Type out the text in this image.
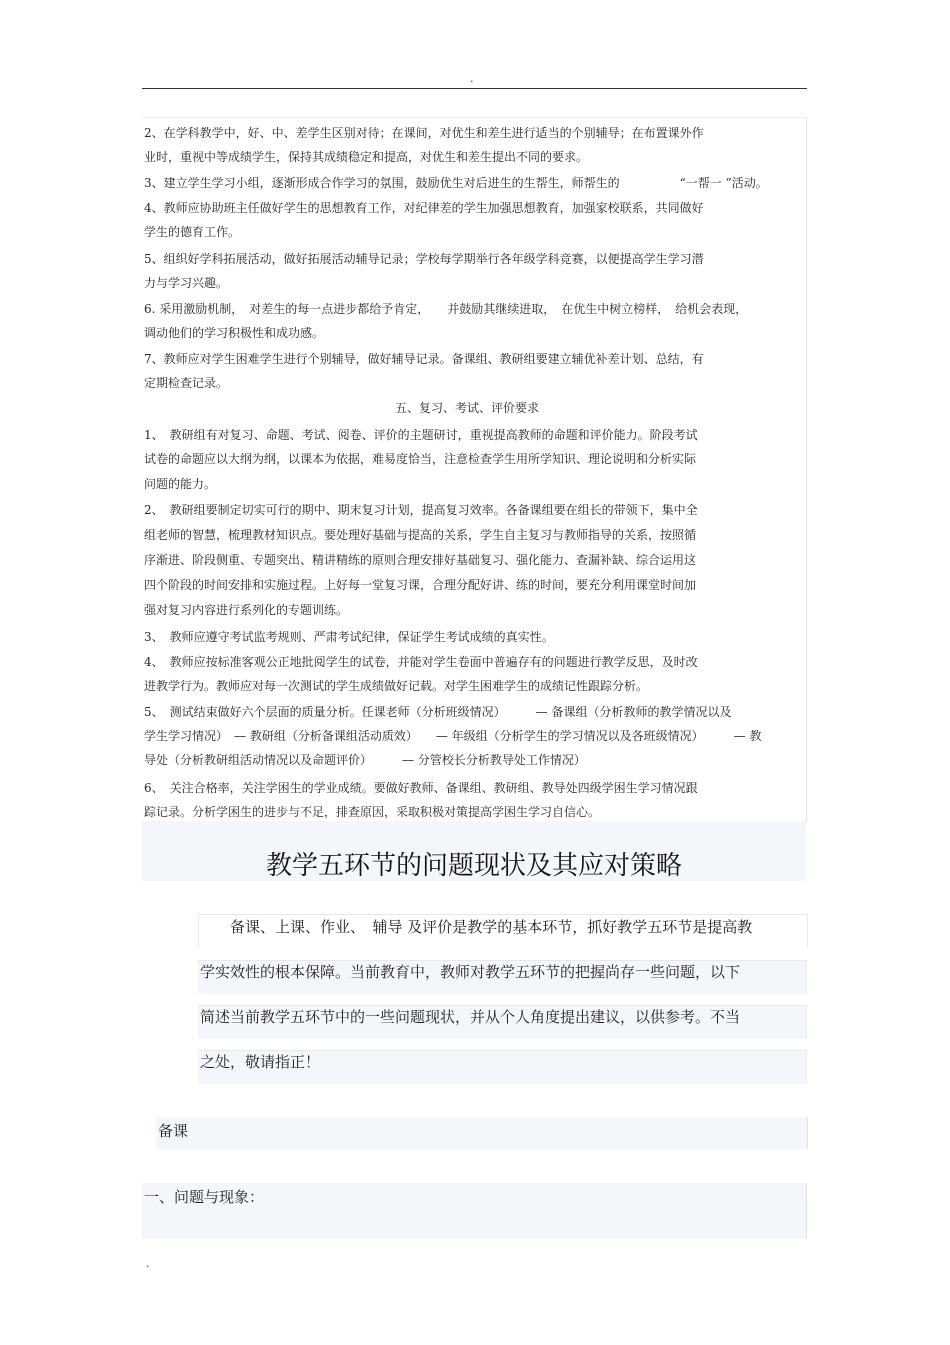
.
2、在学科教学中，好、中、差学生区别对待；在课间，对优生和差生进行适当的个别辅导；在布置课外作
业时，重视中等成绩学生，保持其成绩稳定和提高，对优生和差生提出不同的要求。
3、建立学生学习小组，逐渐形成合作学习的氛围，鼓励优生对后进生的生帮生，师帮生的　　　　　“一帮一 ”活动。
4、教师应协助班主任做好学生的思想教育工作，对纪律差的学生加强思想教育，加强家校联系，共同做好
学生的德育工作。
5、组织好学科拓展活动，做好拓展活动辅导记录；学校每学期举行各年级学科竞赛，以便提高学生学习潜
力与学习兴趣。
6. 采用激励机制，　对差生的每一点进步都给予肯定，　　并鼓励其继续进取，　在优生中树立榜样，　给机会表现，
调动他们的学习积极性和成功感。
7、教师应对学生困难学生进行个别辅导，做好辅导记录。备课组、教研组要建立辅优补差计划、总结，有
定期检查记录。
五、复习、考试、评价要求
1、　教研组有对复习、命题、考试、阅卷、评价的主题研讨，重视提高教师的命题和评价能力。阶段考试
试卷的命题应以大纲为纲，以课本为依据，难易度恰当，注意检查学生用所学知识、理论说明和分析实际
问题的能力。
2、　教研组要制定切实可行的期中、期末复习计划，提高复习效率。各备课组要在组长的带领下，集中全
组老师的智慧，梳理教材知识点。要处理好基础与提高的关系，学生自主复习与教师指导的关系，按照循
序渐进、阶段侧重、专题突出、精讲精练的原则合理安排好基础复习、强化能力、查漏补缺、综合运用这
四个阶段的时间安排和实施过程。上好每一堂复习课，合理分配好讲、练的时间，要充分利用课堂时间加
强对复习内容进行系列化的专题训练。
3、　教师应遵守考试监考规则、严肃考试纪律，保证学生考试成绩的真实性。
4、　教师应按标准客观公正地批阅学生的试卷，并能对学生卷面中普遍存有的问题进行教学反思，及时改
进教学行为。教师应对每一次测试的学生成绩做好记载。对学生困难学生的成绩记性跟踪分析。
5、　测试结束做好六个层面的质量分析。任课老师（分析班级情况）　　　— 备课组（分析教师的教学情况以及
学生学习情况）　— 教研组（分析备课组活动质效）　　— 年级组（分析学生的学习情况以及各班级情况）　　　— 教
导处（分析教研组活动情况以及命题评价）　　　— 分管校长分析教导处工作情况）
6、　关注合格率，关注学困生的学业成绩。要做好教师、备课组、教研组、教导处四级学困生学习情况跟
踪记录。分析学困生的进步与不足，排查原因，采取积极对策提高学困生学习自信心。
教学五环节的问题现状及其应对策略
　　备课、上课、作业、　辅导 及评价是教学的基本环节，抓好教学五环节是提高教
学实效性的根本保障。当前教育中，教师对教学五环节的把握尚存一些问题，以下
简述当前教学五环节中的一些问题现状，并从个人角度提出建议，以供参考。不当
之处，敬请指正！
备课
一、问题与现象：
.
